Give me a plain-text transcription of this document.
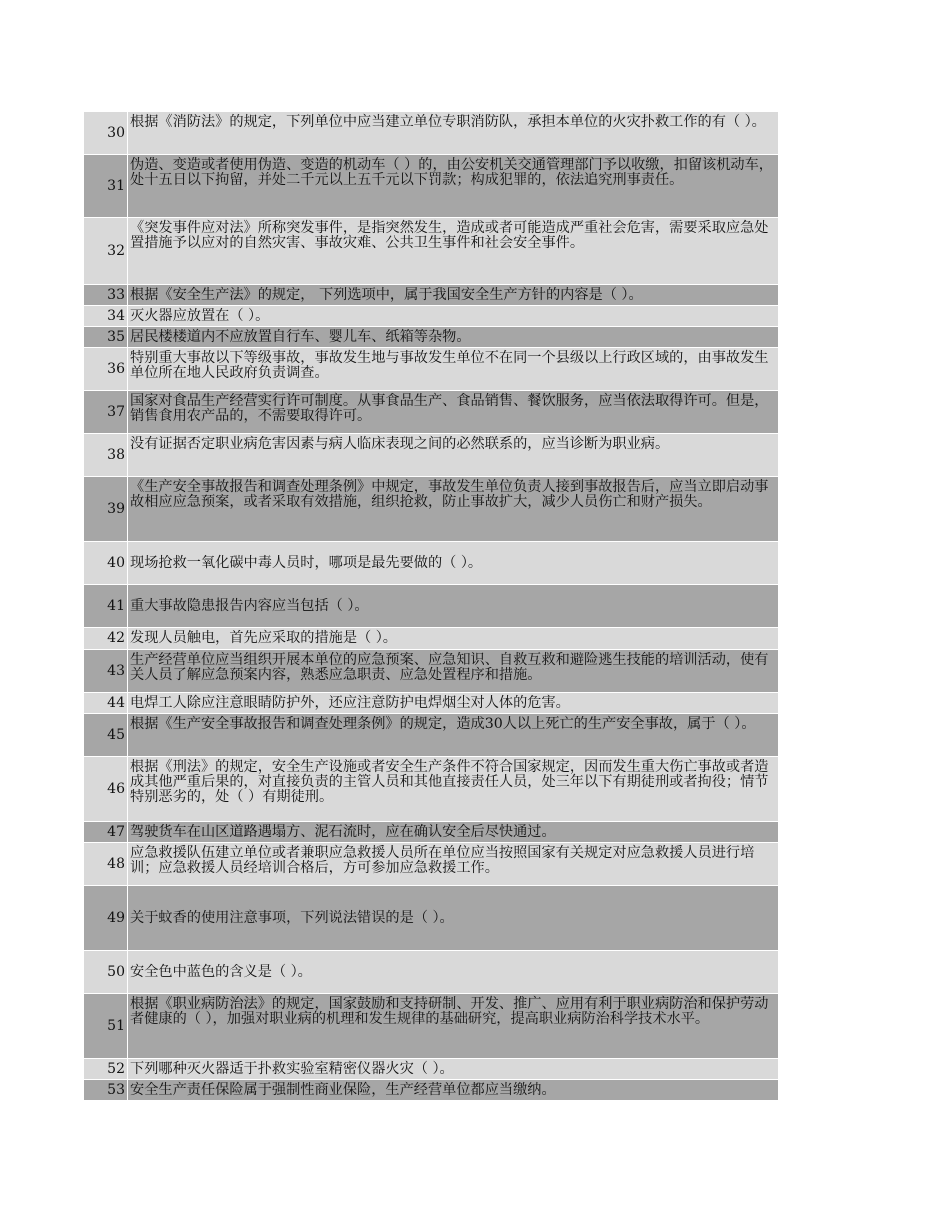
30
根据《消防法》的规定，下列单位中应当建立单位专职消防队，承担本单位的火灾扑救工作的有（ ）。
31
伪造、变造或者使用伪造、变造的机动车（ ）的，由公安机关交通管理部门予以收缴，扣留该机动车，处十五日以下拘留，并处二千元以上五千元以下罚款；构成犯罪的，依法追究刑事责任。
32
《突发事件应对法》所称突发事件，是指突然发生，造成或者可能造成严重社会危害，需要采取应急处置措施予以应对的自然灾害、事故灾难、公共卫生事件和社会安全事件。
33 根据《安全生产法》的规定， 下列选项中，属于我国安全生产方针的内容是（ ）。
34 灭火器应放置在（ ）。
35 居民楼楼道内不应放置自行车、婴儿车、纸箱等杂物。
36
特别重大事故以下等级事故，事故发生地与事故发生单位不在同一个县级以上行政区域的，由事故发生单位所在地人民政府负责调查。
37
国家对食品生产经营实行许可制度。从事食品生产、食品销售、餐饮服务，应当依法取得许可。但是，销售食用农产品的，不需要取得许可。
38
没有证据否定职业病危害因素与病人临床表现之间的必然联系的，应当诊断为职业病。
39
《生产安全事故报告和调查处理条例》中规定，事故发生单位负责人接到事故报告后，应当立即启动事故相应应急预案，或者采取有效措施，组织抢救，防止事故扩大，减少人员伤亡和财产损失。
40 现场抢救一氧化碳中毒人员时，哪项是最先要做的（ ）。
41 重大事故隐患报告内容应当包括（ ）。
42 发现人员触电，首先应采取的措施是（ ）。
43
生产经营单位应当组织开展本单位的应急预案、应急知识、自救互救和避险逃生技能的培训活动，使有关人员了解应急预案内容，熟悉应急职责、应急处置程序和措施。
44 电焊工人除应注意眼睛防护外，还应注意防护电焊烟尘对人体的危害。
45
根据《生产安全事故报告和调查处理条例》的规定，造成30人以上死亡的生产安全事故，属于（ ）。
46
根据《刑法》的规定，安全生产设施或者安全生产条件不符合国家规定，因而发生重大伤亡事故或者造成其他严重后果的，对直接负责的主管人员和其他直接责任人员，处三年以下有期徒刑或者拘役；情节特别恶劣的，处（ ）有期徒刑。
47 驾驶货车在山区道路遇塌方、泥石流时，应在确认安全后尽快通过。
48
应急救援队伍建立单位或者兼职应急救援人员所在单位应当按照国家有关规定对应急救援人员进行培训；应急救援人员经培训合格后，方可参加应急救援工作。
49 关于蚊香的使用注意事项，下列说法错误的是（ ）。
50 安全色中蓝色的含义是（ ）。
51
根据《职业病防治法》的规定，国家鼓励和支持研制、开发、推广、应用有利于职业病防治和保护劳动者健康的（ ），加强对职业病的机理和发生规律的基础研究，提高职业病防治科学技术水平。
52 下列哪种灭火器适于扑救实验室精密仪器火灾（ ）。
53 安全生产责任保险属于强制性商业保险，生产经营单位都应当缴纳。
